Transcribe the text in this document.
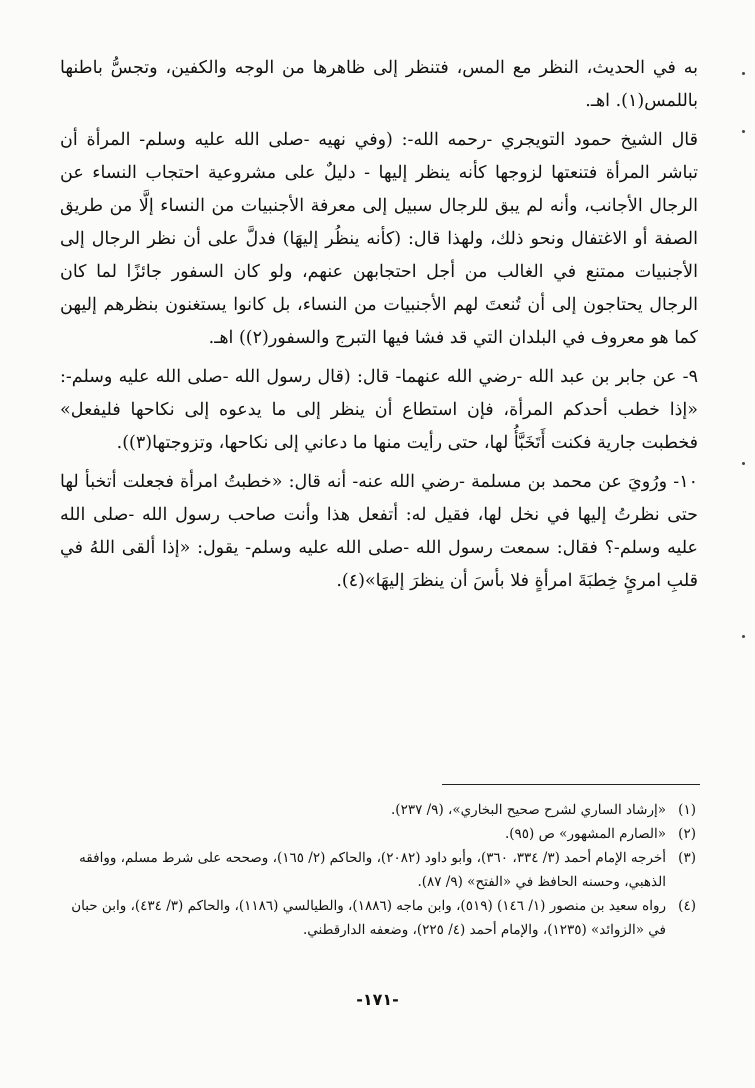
به في الحديث، النظر مع المس، فتنظر إلى ظاهرها من الوجه والكفين، وتجسُّ باطنها باللمس(١). اهـ.

قال الشيخ حمود التويجري -رحمه الله-: (وفي نهيه -صلى الله عليه وسلم- المرأة أن تباشر المرأة فتنعتها لزوجها كأنه ينظر إليها - دليلٌ على مشروعية احتجاب النساء عن الرجال الأجانب، وأنه لم يبق للرجال سبيل إلى معرفة الأجنبيات من النساء إلَّا من طريق الصفة أو الاغتفال ونحو ذلك، ولهذا قال: (كأنه ينظُر إليهَا) فدلَّ على أن نظر الرجال إلى الأجنبيات ممتنع في الغالب من أجل احتجابهن عنهم، ولو كان السفور جائزًا لما كان الرجال يحتاجون إلى أن تُنعتَ لهم الأجنبيات من النساء، بل كانوا يستغنون بنظرهم إليهن كما هو معروف في البلدان التي قد فشا فيها التبرج والسفور(٢)) اهـ.

٩- عن جابر بن عبد الله -رضي الله عنهما- قال: (قال رسول الله -صلى الله عليه وسلم-: «إذا خطب أحدكم المرأة، فإن استطاع أن ينظر إلى ما يدعوه إلى نكاحها فليفعل» فخطبت جارية فكنت أَتَخَبَّأُ لها، حتى رأيت منها ما دعاني إلى نكاحها، وتزوجتها(٣)).

١٠- ورُويَ عن محمد بن مسلمة -رضي الله عنه- أنه قال: «خطبتُ امرأة فجعلت أتخبأ لها حتى نظرتُ إليها في نخل لها، فقيل له: أتفعل هذا وأنت صاحب رسول الله -صلى الله عليه وسلم-؟ فقال: سمعت رسول الله -صلى الله عليه وسلم- يقول: «إذا ألقى اللهُ في قلبِ امرئٍ خِطبَةَ امرأةٍ فلا بأسَ أن ينظرَ إليهَا»(٤).

(١)
«إرشاد الساري لشرح صحيح البخاري»، (٩/ ٢٣٧).
(٢)
«الصارم المشهور» ص (٩٥).
(٣)
أخرجه الإمام أحمد (٣/ ٣٣٤، ٣٦٠)، وأبو داود (٢٠٨٢)، والحاكم (٢/ ١٦٥)، وصححه على شرط مسلم، ووافقه الذهبي، وحسنه الحافظ في «الفتح» (٩/ ٨٧).
(٤)
رواه سعيد بن منصور (١/ ١٤٦) (٥١٩)، وابن ماجه (١٨٨٦)، والطيالسي (١١٨٦)، والحاكم (٣/ ٤٣٤)، وابن حبان في «الزوائد» (١٢٣٥)، والإمام أحمد (٤/ ٢٢٥)، وضعفه الدارقطني.
-١٧١-
